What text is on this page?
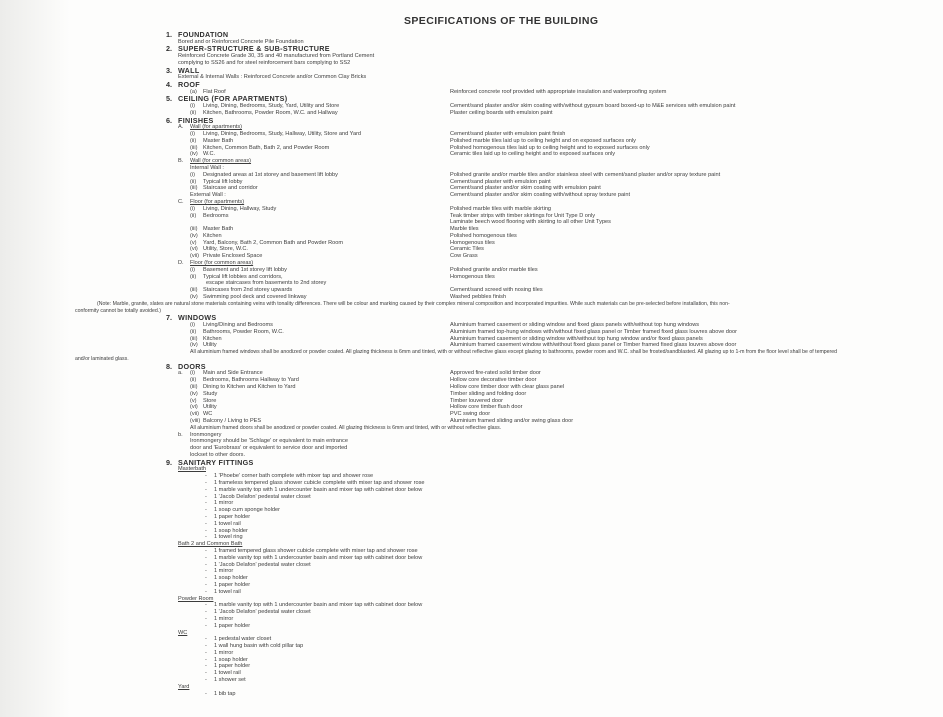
SPECIFICATIONS OF THE BUILDING
1. FOUNDATION
Bored and or Reinforced Concrete Pile Foundation
2. SUPER-STRUCTURE & SUB-STRUCTURE
Reinforced Concrete Grade 30, 35 and 40 manufactured from Portland Cement
complying to SS26 and for steel reinforcement bars complying to SS2
3. WALL
External & Internal Walls : Reinforced Concrete and/or Common Clay Bricks
4. ROOF
(a) Flat Roof	Reinforced concrete roof provided with appropriate insulation and waterproofing system
5. CEILING (FOR APARTMENTS)
(i) Living, Dining, Bedrooms, Study, Yard, Utility and Store	Cement/sand plaster and/or skim coating with/without gypsum board boxed-up to M&E services with emulsion paint
(ii) Kitchen, Bathrooms, Powder Room, W.C. and Hallway	Plaster ceiling boards with emulsion paint
6. FINISHES
A. Wall (for apartments)
(i) Living, Dining, Bedrooms, Study, Hallway, Utility, Store and Yard	Cement/sand plaster with emulsion paint finish
(ii) Master Bath	Polished marble tiles laid up to ceiling height and on exposed surfaces only
(iii) Kitchen, Common Bath, Bath 2, and Powder Room	Polished homogenous tiles laid up to ceiling height and to exposed surfaces only
(iv) W.C.	Ceramic tiles laid up to ceiling height and to exposed surfaces only
B. Wall (for common areas)
Internal Wall :
(i) Designated areas at 1st storey and basement lift lobby	Polished granite and/or marble tiles and/or stainless steel with cement/sand plaster and/or spray texture paint
(ii) Typical lift lobby	Cement/sand plaster with emulsion paint
(iii) Staircase and corridor	Cement/sand plaster and/or skim coating with emulsion paint
External Wall :	Cement/sand plaster and/or skim coating with/without spray texture paint
C. Floor (for apartments)
(i) Living, Dining, Hallway, Study	Polished marble tiles with marble skirting
(ii) Bedrooms	Teak timber strips with timber skirtings for Unit Type D only
Laminate beech wood flooring with skirting to all other Unit Types
(iii) Master Bath	Marble tiles
(iv) Kitchen	Polished homogenous tiles
(v) Yard, Balcony, Bath 2, Common Bath and Powder Room	Homogenous tiles
(vi) Utility, Store, W.C.	Ceramic Tiles
(vii) Private Enclosed Space	Cow Grass
D. Floor (for common areas)
(i) Basement and 1st storey lift lobby	Polished granite and/or marble tiles
(ii) Typical lift lobbies and corridors,	Homogenous tiles
escape staircases from basements to 2nd storey
(iii) Staircases from 2nd storey upwards	Cement/sand screed with nosing tiles
(iv) Swimming pool deck and covered linkway	Washed pebbles finish
(Note: Marble, granite, slates are natural stone materials containing veins with tonality differences. There will be colour and marking caused by their complex mineral composition and incorporated impurities. While such materials can be pre-selected before installation, this non-
conformity cannot be totally avoided.)
7. WINDOWS
(i) Living/Dining and Bedrooms	Aluminium framed casement or sliding window and fixed glass panels with/without top hung windows
(ii) Bathrooms, Powder Room, W.C.	Aluminium framed top-hung windows with/without fixed glass panel or Timber framed fixed glass louvres above door
(iii) Kitchen	Aluminium framed casement or sliding window with/without top hung window and/or fixed glass panels
(iv) Utility	Aluminium framed casement window with/without fixed glass panel or Timber framed fixed glass louvres above door
All aluminium framed windows shall be anodized or powder coated. All glazing thickness is 6mm and tinted, with or without reflective glass except glazing to bathrooms, powder room and W.C. shall be frosted/sandblasted. All glazing up to 1-m from the floor level shall be of tempered
and/or laminated glass.
8. DOORS
a. (i) Main and Side Entrance	Approved fire-rated solid timber door
(ii) Bedrooms, Bathrooms Hallway to Yard	Hollow core decorative timber door
(iii) Dining to Kitchen and Kitchen to Yard	Hollow core timber door with clear glass panel
(iv) Study	Timber sliding and folding door
(v) Store	Timber louvered door
(vi) Utility	Hollow core timber flush door
(vii) WC	PVC swing door
(viii) Balcony / Living to PES	Aluminium framed sliding and/or swing glass door
All aluminium framed doors shall be anodized or powder coated. All glazing thickness is 6mm and tinted, with or without reflective glass.
b. Ironmongery
Ironmongery should be 'Schlage' or equivalent to main entrance
door and 'Eurobrass' or equivalent to service door and imported
lockset to other doors.
9. SANITARY FITTINGS
Masterbath
- 1 'Phoebe' corner bath complete with mixer tap and shower rose
- 1 frameless tempered glass shower cubicle complete with mixer tap and shower rose
- 1 marble vanity top with 1 undercounter basin and mixer tap with cabinet door below
- 1 'Jacob Delafon' pedestal water closet
- 1 mirror
- 1 soap cum sponge holder
- 1 paper holder
- 1 towel rail
- 1 soap holder
- 1 towel ring
Bath 2 and Common Bath
- 1 framed tempered glass shower cubicle complete with mixer tap and shower rose
- 1 marble vanity top with 1 undercounter basin and mixer tap with cabinet door below
- 1 'Jacob Delafon' pedestal water closet
- 1 mirror
- 1 soap holder
- 1 paper holder
- 1 towel rail
Powder Room
- 1 marble vanity top with 1 undercounter basin and mixer tap with cabinet door below
- 1 'Jacob Delafon' pedestal water closet
- 1 mirror
- 1 paper holder
WC
- 1 pedestal water closet
- 1 wall hung basin with cold pillar tap
- 1 mirror
- 1 soap holder
- 1 paper holder
- 1 towel rail
- 1 shower set
Yard
- 1 bib tap
